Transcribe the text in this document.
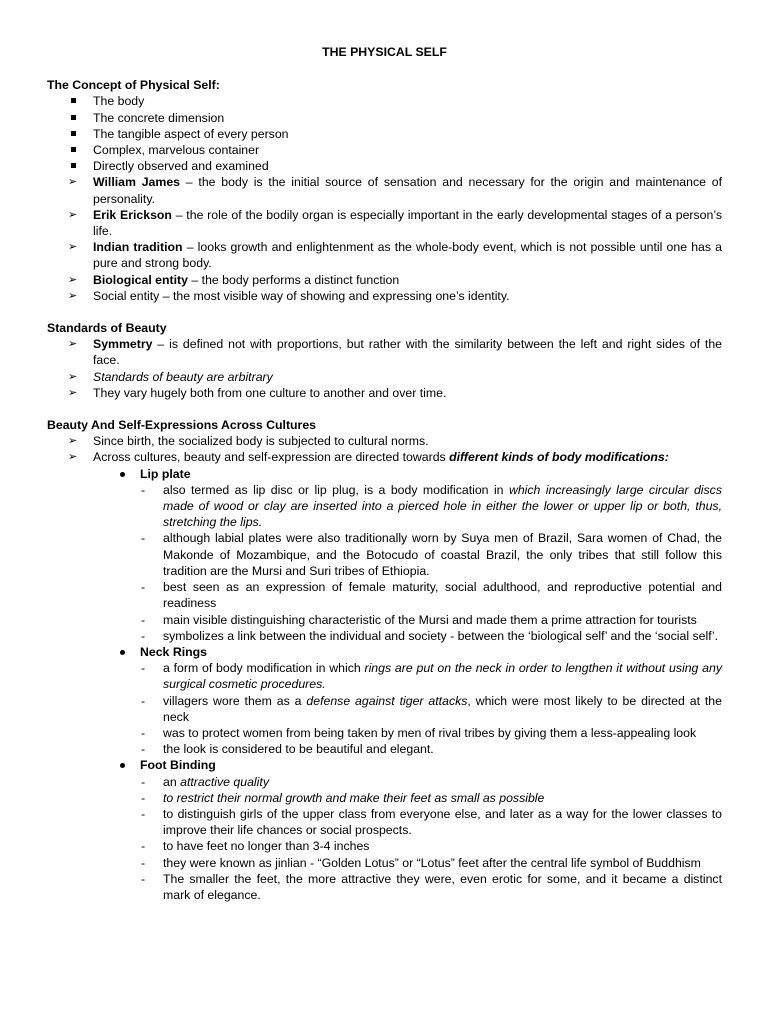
THE PHYSICAL SELF
The Concept of Physical Self:
The body
The concrete dimension
The tangible aspect of every person
Complex, marvelous container
Directly observed and examined
➢ William James – the body is the initial source of sensation and necessary for the origin and maintenance of personality.
➢ Erik Erickson – the role of the bodily organ is especially important in the early developmental stages of a person’s life.
➢ Indian tradition – looks growth and enlightenment as the whole-body event, which is not possible until one has a pure and strong body.
➢ Biological entity – the body performs a distinct function
➢ Social entity – the most visible way of showing and expressing one’s identity.
Standards of Beauty
➢ Symmetry – is defined not with proportions, but rather with the similarity between the left and right sides of the face.
➢ Standards of beauty are arbitrary
➢ They vary hugely both from one culture to another and over time.
Beauty And Self-Expressions Across Cultures
➢ Since birth, the socialized body is subjected to cultural norms.
➢ Across cultures, beauty and self-expression are directed towards different kinds of body modifications:
Lip plate
- also termed as lip disc or lip plug, is a body modification in which increasingly large circular discs made of wood or clay are inserted into a pierced hole in either the lower or upper lip or both, thus, stretching the lips.
- although labial plates were also traditionally worn by Suya men of Brazil, Sara women of Chad, the Makonde of Mozambique, and the Botocudo of coastal Brazil, the only tribes that still follow this tradition are the Mursi and Suri tribes of Ethiopia.
- best seen as an expression of female maturity, social adulthood, and reproductive potential and readiness
- main visible distinguishing characteristic of the Mursi and made them a prime attraction for tourists
- symbolizes a link between the individual and society - between the ‘biological self’ and the ‘social self’.
Neck Rings
- a form of body modification in which rings are put on the neck in order to lengthen it without using any surgical cosmetic procedures.
- villagers wore them as a defense against tiger attacks, which were most likely to be directed at the neck
- was to protect women from being taken by men of rival tribes by giving them a less-appealing look
- the look is considered to be beautiful and elegant.
Foot Binding
- an attractive quality
- to restrict their normal growth and make their feet as small as possible
- to distinguish girls of the upper class from everyone else, and later as a way for the lower classes to improve their life chances or social prospects.
- to have feet no longer than 3-4 inches
- they were known as jinlian - “Golden Lotus” or “Lotus” feet after the central life symbol of Buddhism
- The smaller the feet, the more attractive they were, even erotic for some, and it became a distinct mark of elegance.
